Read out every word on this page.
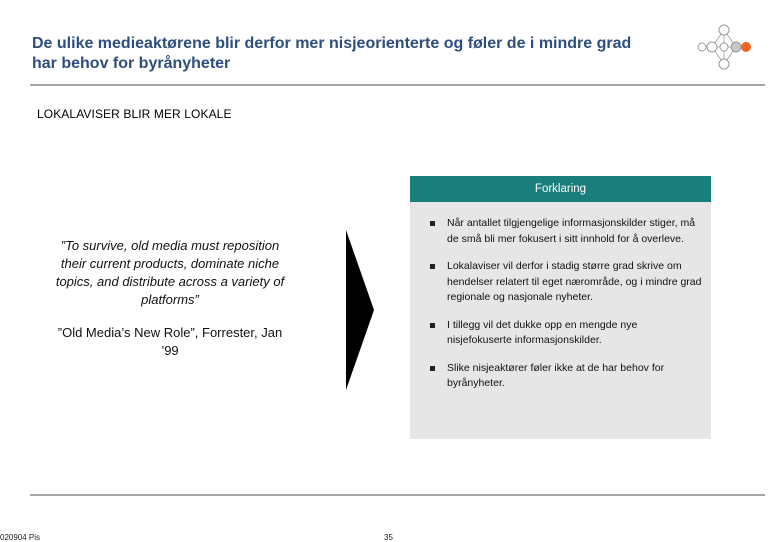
De ulike medieaktørene blir derfor mer nisjeorienterte og føler de i mindre grad har behov for byrånyheter
LOKALAVISER BLIR MER LOKALE
”To survive, old media must reposition their current products, dominate niche topics, and distribute across a variety of platforms”
”Old Media’s New Role”, Forrester, Jan ’99
Forklaring
Når antallet tilgjengelige informasjonskilder stiger, må de små bli mer fokusert i sitt innhold for å overleve.
Lokalaviser vil derfor i stadig større grad skrive om hendelser relatert til eget nærområde, og i mindre grad regionale og nasjonale nyheter.
I tillegg vil det dukke opp en mengde nye nisjefokuserte informasjonskilder.
Slike nisjeaktører føler ikke at de har behov for byrånyheter.
020904 Pis	35
